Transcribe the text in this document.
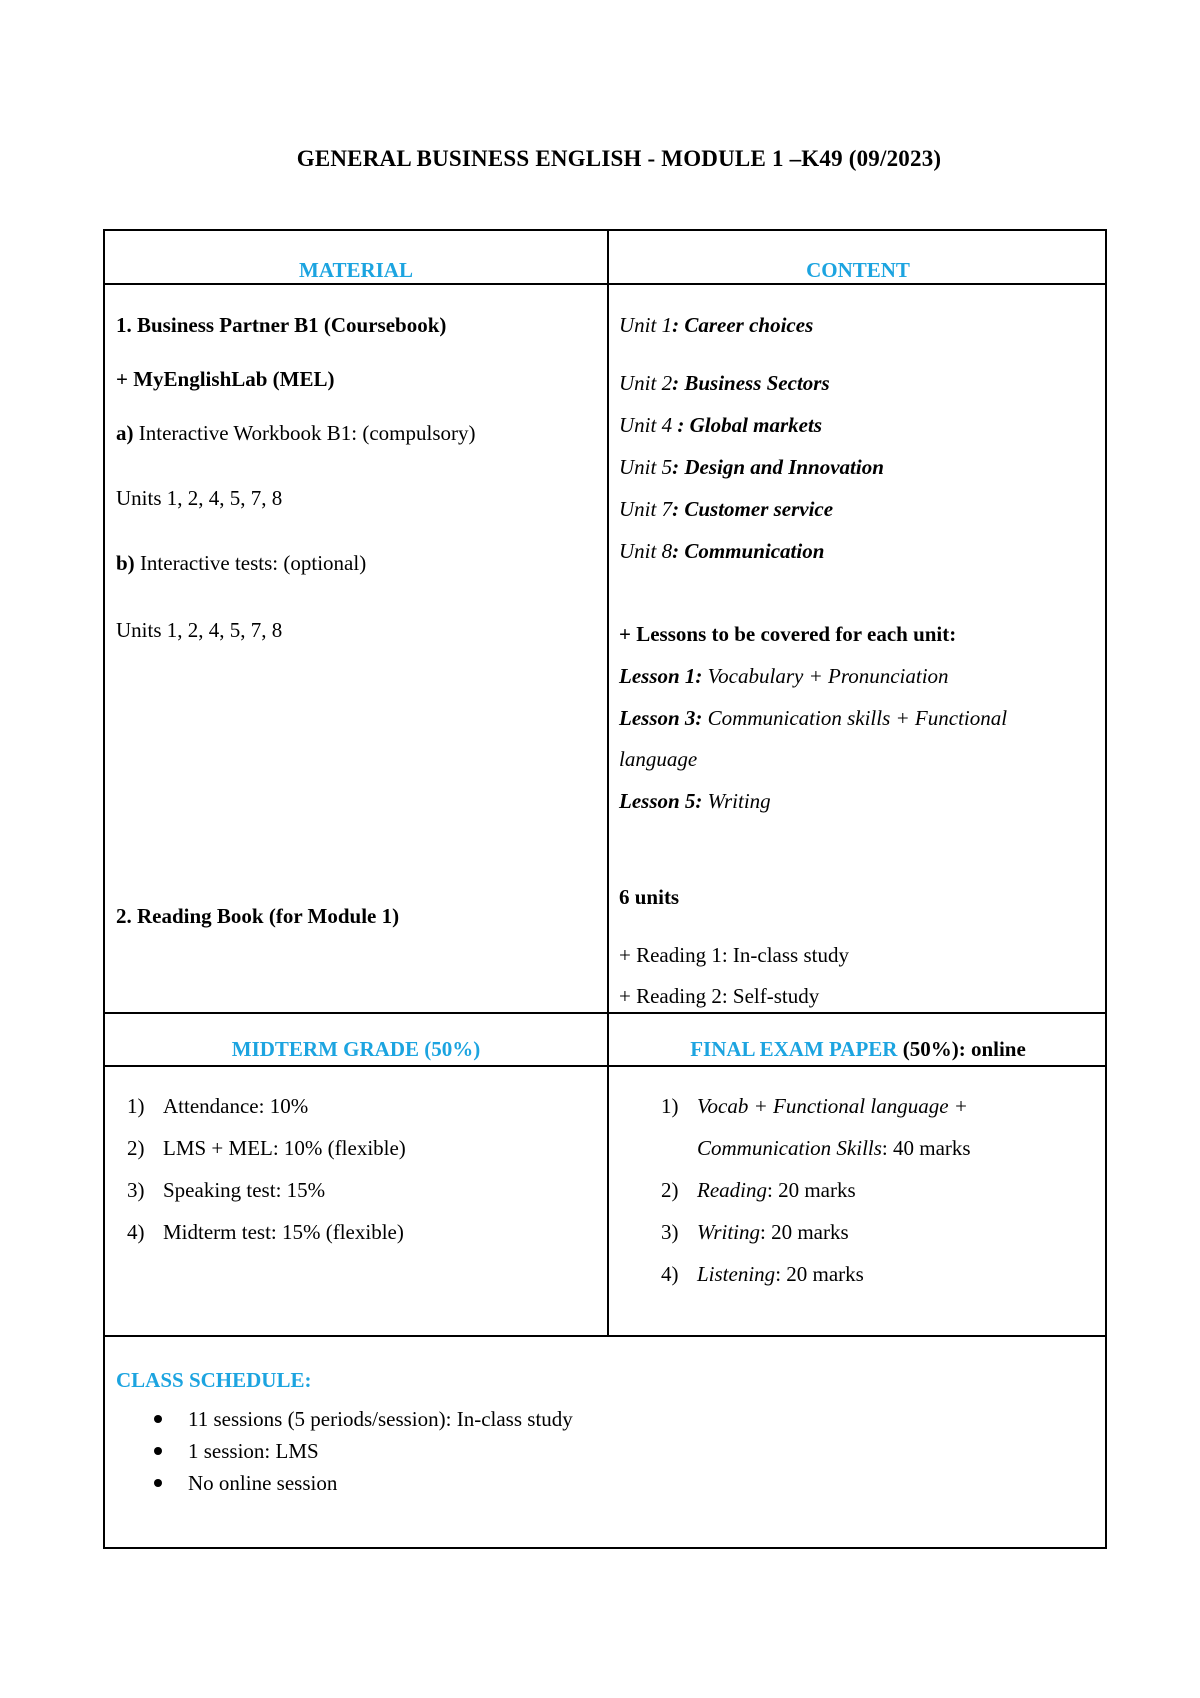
GENERAL BUSINESS ENGLISH - MODULE 1 –K49 (09/2023)
MATERIAL	CONTENT
1. Business Partner B1 (Coursebook)
+ MyEnglishLab (MEL)
a) Interactive Workbook B1: (compulsory)
Units 1, 2, 4, 5, 7, 8
b) Interactive tests: (optional)
Units 1, 2, 4, 5, 7, 8
2. Reading Book (for Module 1)
Unit 1: Career choices
Unit 2: Business Sectors
Unit 4 : Global markets
Unit 5: Design and Innovation
Unit 7: Customer service
Unit 8: Communication
+ Lessons to be covered for each unit:
Lesson 1: Vocabulary + Pronunciation
Lesson 3: Communication skills + Functional
language
Lesson 5: Writing
6 units
+ Reading 1: In-class study
+ Reading 2: Self-study
MIDTERM GRADE (50%)	FINAL EXAM PAPER (50%): online
1) Attendance: 10%
2) LMS + MEL: 10% (flexible)
3) Speaking test: 15%
4) Midterm test: 15% (flexible)
1) Vocab + Functional language +
Communication Skills: 40 marks
2) Reading: 20 marks
3) Writing: 20 marks
4) Listening: 20 marks
CLASS SCHEDULE:
11 sessions (5 periods/session): In-class study
1 session: LMS
No online session
